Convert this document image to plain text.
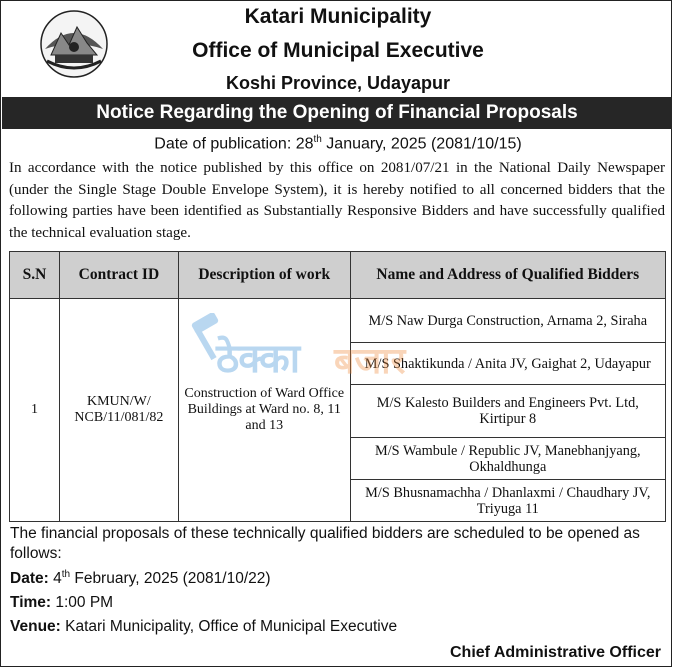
Katari Municipality
Office of Municipal Executive
Koshi Province, Udayapur
Notice Regarding the Opening of Financial Proposals
Date of publication: 28th January, 2025 (2081/10/15)
In accordance with the notice published by this office on 2081/07/21 in the National Daily Newspaper (under the Single Stage Double Envelope System), it is hereby notified to all concerned bidders that the following parties have been identified as Substantially Responsive Bidders and have successfully qualified the technical evaluation stage.
S.N	Contract ID	Description of work	Name and Address of Qualified Bidders
1	KMUN/W/ NCB/11/081/82	Construction of Ward Office Buildings at Ward no. 8, 11 and 13	M/S Naw Durga Construction, Arnama 2, Siraha
			M/S Shaktikunda / Anita JV, Gaighat 2, Udayapur
			M/S Kalesto Builders and Engineers Pvt. Ltd, Kirtipur 8
			M/S Wambule / Republic JV, Manebhanjyang, Okhaldhunga
			M/S Bhusnamachha / Dhanlaxmi / Chaudhary JV, Triyuga 11
ठेक्का बजार
The financial proposals of these technically qualified bidders are scheduled to be opened as follows:
Date: 4th February, 2025 (2081/10/22)
Time: 1:00 PM
Venue: Katari Municipality, Office of Municipal Executive
Chief Administrative Officer
